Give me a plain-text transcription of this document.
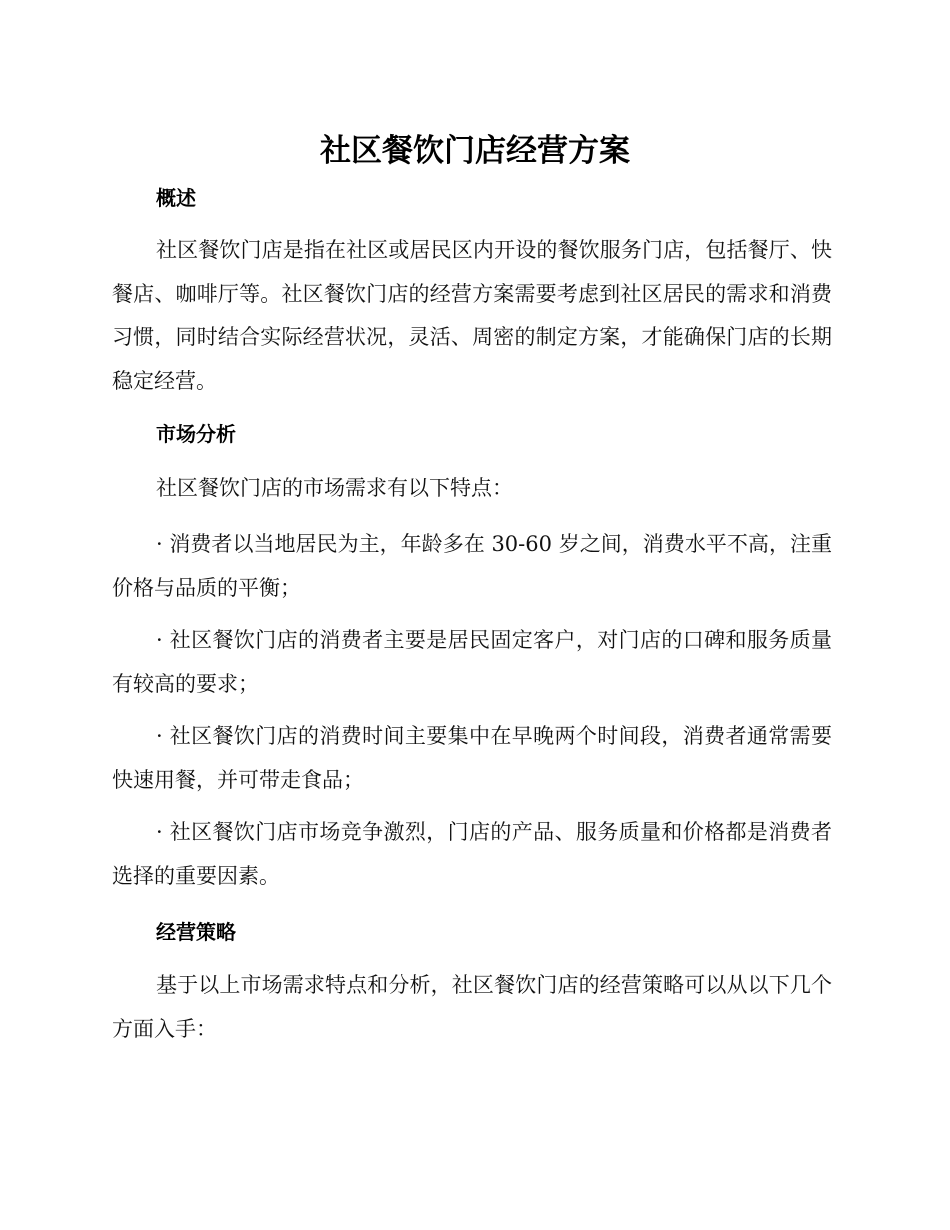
社区餐饮门店经营方案
概述

社区餐饮门店是指在社区或居民区内开设的餐饮服务门店，包括餐厅、快餐店、咖啡厅等。社区餐饮门店的经营方案需要考虑到社区居民的需求和消费习惯，同时结合实际经营状况，灵活、周密的制定方案，才能确保门店的长期稳定经营。

市场分析

社区餐饮门店的市场需求有以下特点：

· 消费者以当地居民为主，年龄多在 30-60 岁之间，消费水平不高，注重价格与品质的平衡；

· 社区餐饮门店的消费者主要是居民固定客户，对门店的口碑和服务质量有较高的要求；

· 社区餐饮门店的消费时间主要集中在早晚两个时间段，消费者通常需要快速用餐，并可带走食品；

· 社区餐饮门店市场竞争激烈，门店的产品、服务质量和价格都是消费者选择的重要因素。

经营策略

基于以上市场需求特点和分析，社区餐饮门店的经营策略可以从以下几个方面入手：
